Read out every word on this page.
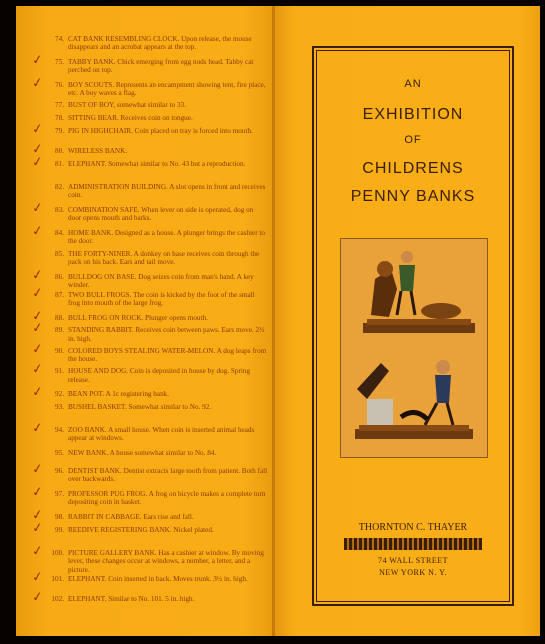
74. CAT BANK RESEMBLING CLOCK. Upon release, the mouse disappears and an acrobat appears at the top.
75. TABBY BANK. Chick emerging from egg nods head. Tabby cat perched on top.
✓
76. BOY SCOUTS. Represents an encampment showing tent, fire place, etc. A boy waves a flag.
✓
77. BUST OF BOY, somewhat similar to 33.
78. SITTING BEAR. Receives coin on tongue.
79. PIG IN HIGHCHAIR. Coin placed on tray is forced into mouth.
✓
80. WIRELESS BANK.
✓
81. ELEPHANT. Somewhat similar to No. 43 but a reproduction.
✓
82. ADMINISTRATION BUILDING. A slot opens in front and receives coin.
83. COMBINATION SAFE. When lever on side is operated, dog on door opens mouth and barks.
✓
84. HOME BANK. Designed as a house. A plunger brings the cashier to the door.
✓
85. THE FORTY-NINER. A donkey on base receives coin through the pack on his back. Ears and tail move.
86. BULLDOG ON BASE. Dog seizes coin from man's hand. A key winder.
✓
87. TWO BULL FROGS. The coin is kicked by the foot of the small frog into mouth of the large frog.
✓
88. BULL FROG ON ROCK. Plunger opens mouth.
✓
89. STANDING RABBIT. Receives coin between paws. Ears move. 2½ in. high.
✓
90. COLORED BOYS STEALING WATER-MELON. A dog leaps from the house.
✓
91. HOUSE AND DOG. Coin is deposited in house by dog. Spring release.
✓
92. BEAN POT. A 1c registering bank.
✓
93. BUSHEL BASKET. Somewhat similar to No. 92.
94. ZOO BANK. A small house. When coin is inserted animal heads appear at windows.
✓
95. NEW BANK. A house somewhat similar to No. 84.
96. DENTIST BANK. Dentist extracts large tooth from patient. Both fall over backwards.
✓
97. PROFESSOR PUG FROG. A frog on bicycle makes a complete turn depositing coin in basket.
✓
98. RABBIT IN CABBAGE. Ears rise and fall.
✓
99. REEDIVE REGISTERING BANK. Nickel plated.
✓
100. PICTURE GALLERY BANK. Has a cashier at window. By moving lever, these changes occur at windows, a number, a letter, and a picture.
✓
101. ELEPHANT. Coin inserted in back. Moves trunk. 3½ in. high.
✓
102. ELEPHANT. Similar to No. 101. 5 in. high.
✓
AN
EXHIBITION
OF
CHILDRENS
PENNY BANKS
THORNTON C. THAYER
74 WALL STREET
NEW YORK N. Y.
